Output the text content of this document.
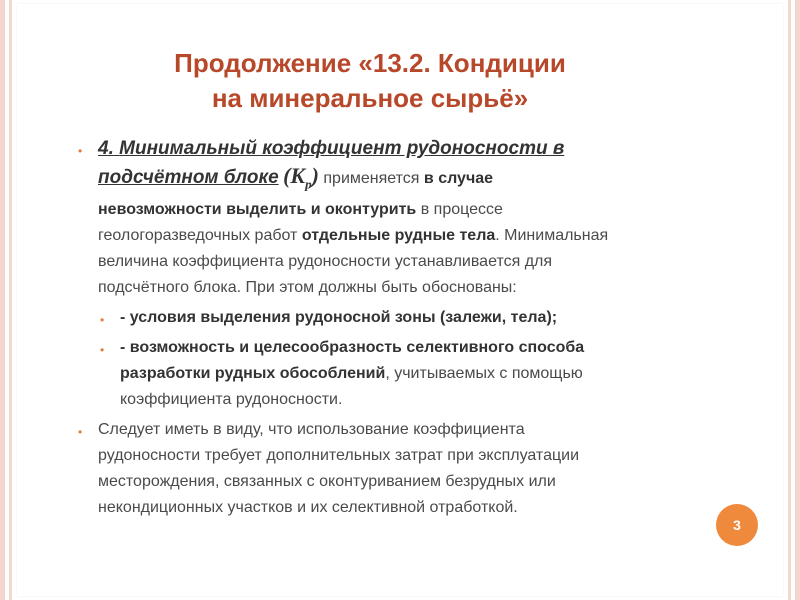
Продолжение «13.2. Кондиции
на минеральное сырьё»
• 4. Минимальный коэффициент рудоносности в
подсчётном блоке $(K_p)$ применяется в случае
невозможности выделить и оконтурить в процессе
геологоразведочных работ отдельные рудные тела. Минимальная
величина коэффициента рудоносности устанавливается для
подсчётного блока. При этом должны быть обоснованы:
• - условия выделения рудоносной зоны (залежи, тела);
• - возможность и целесообразность селективного способа
разработки рудных обособлений, учитываемых с помощью
коэффициента рудоносности.
• Следует иметь в виду, что использование коэффициента
рудоносности требует дополнительных затрат при эксплуатации
месторождения, связанных с оконтуриванием безрудных или
некондиционных участков и их селективной отработкой.
3
